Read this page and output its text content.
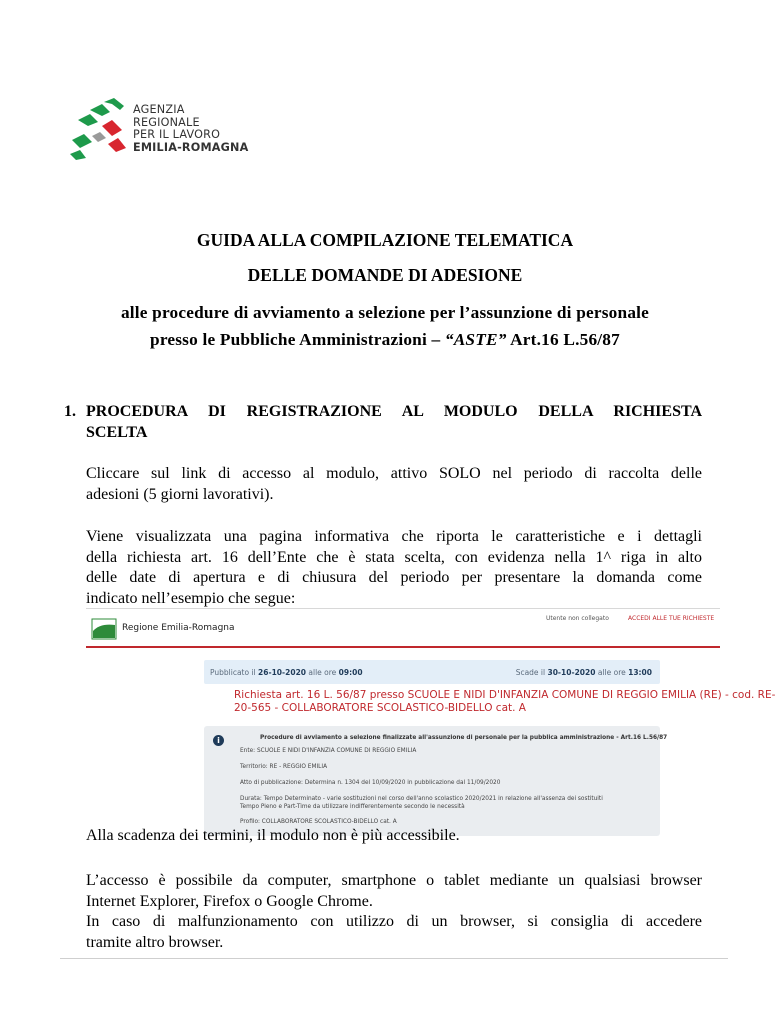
AGENZIA
REGIONALE
PER IL LAVORO
EMILIA-ROMAGNA
GUIDA ALLA COMPILAZIONE TELEMATICA
DELLE DOMANDE DI ADESIONE
alle procedure di avviamento a selezione per l’assunzione di personale
presso le Pubbliche Amministrazioni – “ASTE” Art.16 L.56/87
1. PROCEDURA DI REGISTRAZIONE AL MODULO DELLA RICHIESTA
SCELTA
Cliccare sul link di accesso al modulo, attivo SOLO nel periodo di raccolta delle
adesioni (5 giorni lavorativi).
Viene visualizzata una pagina informativa che riporta le caratteristiche e i dettagli
della richiesta art. 16 dell’Ente che è stata scelta, con evidenza nella 1^ riga in alto
delle date di apertura e di chiusura del periodo per presentare la domanda come
indicato nell’esempio che segue:
Regione Emilia-Romagna
Utente non collegato	ACCEDI ALLE TUE RICHIESTE
Pubblicato il 26-10-2020 alle ore 09:00	Scade il 30-10-2020 alle ore 13:00
Richiesta art. 16 L. 56/87 presso SCUOLE E NIDI D'INFANZIA COMUNE DI REGGIO EMILIA (RE) - cod. RE-
20-565 - COLLABORATORE SCOLASTICO-BIDELLO cat. A
i	Procedure di avviamento a selezione finalizzate all'assunzione di personale per la pubblica amministrazione - Art.16 L.56/87
Ente: SCUOLE E NIDI D'INFANZIA COMUNE DI REGGIO EMILIA
Territorio: RE - REGGIO EMILIA
Atto di pubblicazione: Determina n. 1304 del 10/09/2020 in pubblicazione dal 11/09/2020
Durata: Tempo Determinato - varie sostituzioni nel corso dell'anno scolastico 2020/2021 in relazione all'assenza dei sostituiti
Tempo Pieno e Part-Time da utilizzare indifferentemente secondo le necessità
Profilo: COLLABORATORE SCOLASTICO-BIDELLO cat. A
Alla scadenza dei termini, il modulo non è più accessibile.
L’accesso è possibile da computer, smartphone o tablet mediante un qualsiasi browser
Internet Explorer, Firefox o Google Chrome.
In caso di malfunzionamento con utilizzo di un browser, si consiglia di accedere
tramite altro browser.
